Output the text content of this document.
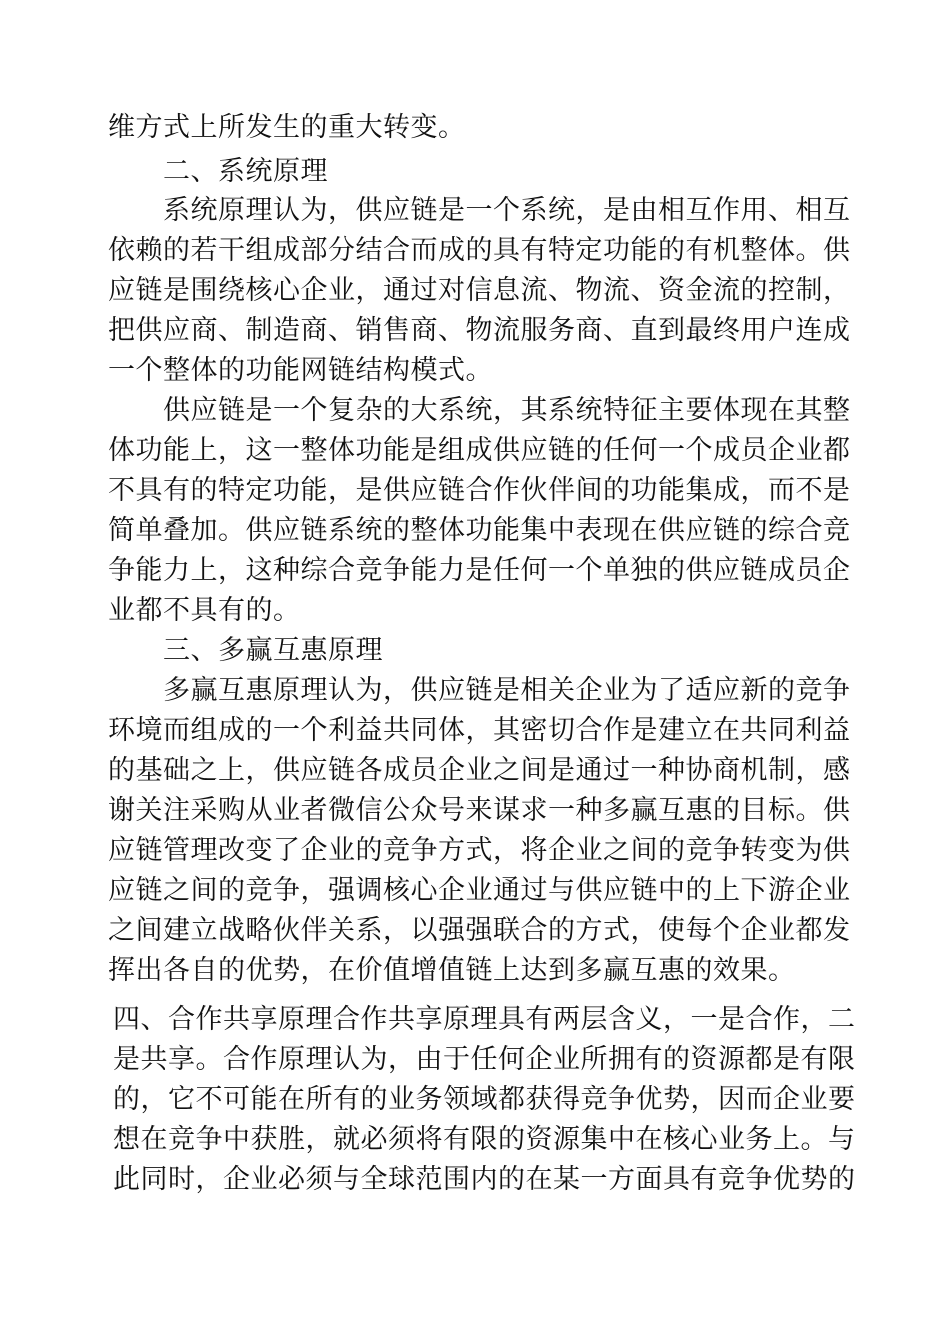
维方式上所发生的重大转变。
二、系统原理
系统原理认为，供应链是一个系统，是由相互作用、相互
依赖的若干组成部分结合而成的具有特定功能的有机整体。供
应链是围绕核心企业，通过对信息流、物流、资金流的控制，
把供应商、制造商、销售商、物流服务商、直到最终用户连成
一个整体的功能网链结构模式。
供应链是一个复杂的大系统，其系统特征主要体现在其整
体功能上，这一整体功能是组成供应链的任何一个成员企业都
不具有的特定功能，是供应链合作伙伴间的功能集成，而不是
简单叠加。供应链系统的整体功能集中表现在供应链的综合竞
争能力上，这种综合竞争能力是任何一个单独的供应链成员企
业都不具有的。
三、多赢互惠原理
多赢互惠原理认为，供应链是相关企业为了适应新的竞争
环境而组成的一个利益共同体，其密切合作是建立在共同利益
的基础之上，供应链各成员企业之间是通过一种协商机制，感
谢关注采购从业者微信公众号来谋求一种多赢互惠的目标。供
应链管理改变了企业的竞争方式，将企业之间的竞争转变为供
应链之间的竞争，强调核心企业通过与供应链中的上下游企业
之间建立战略伙伴关系，以强强联合的方式，使每个企业都发
挥出各自的优势，在价值增值链上达到多赢互惠的效果。
四、合作共享原理合作共享原理具有两层含义，一是合作，二
是共享。合作原理认为，由于任何企业所拥有的资源都是有限
的，它不可能在所有的业务领域都获得竞争优势，因而企业要
想在竞争中获胜，就必须将有限的资源集中在核心业务上。与
此同时，企业必须与全球范围内的在某一方面具有竞争优势的
